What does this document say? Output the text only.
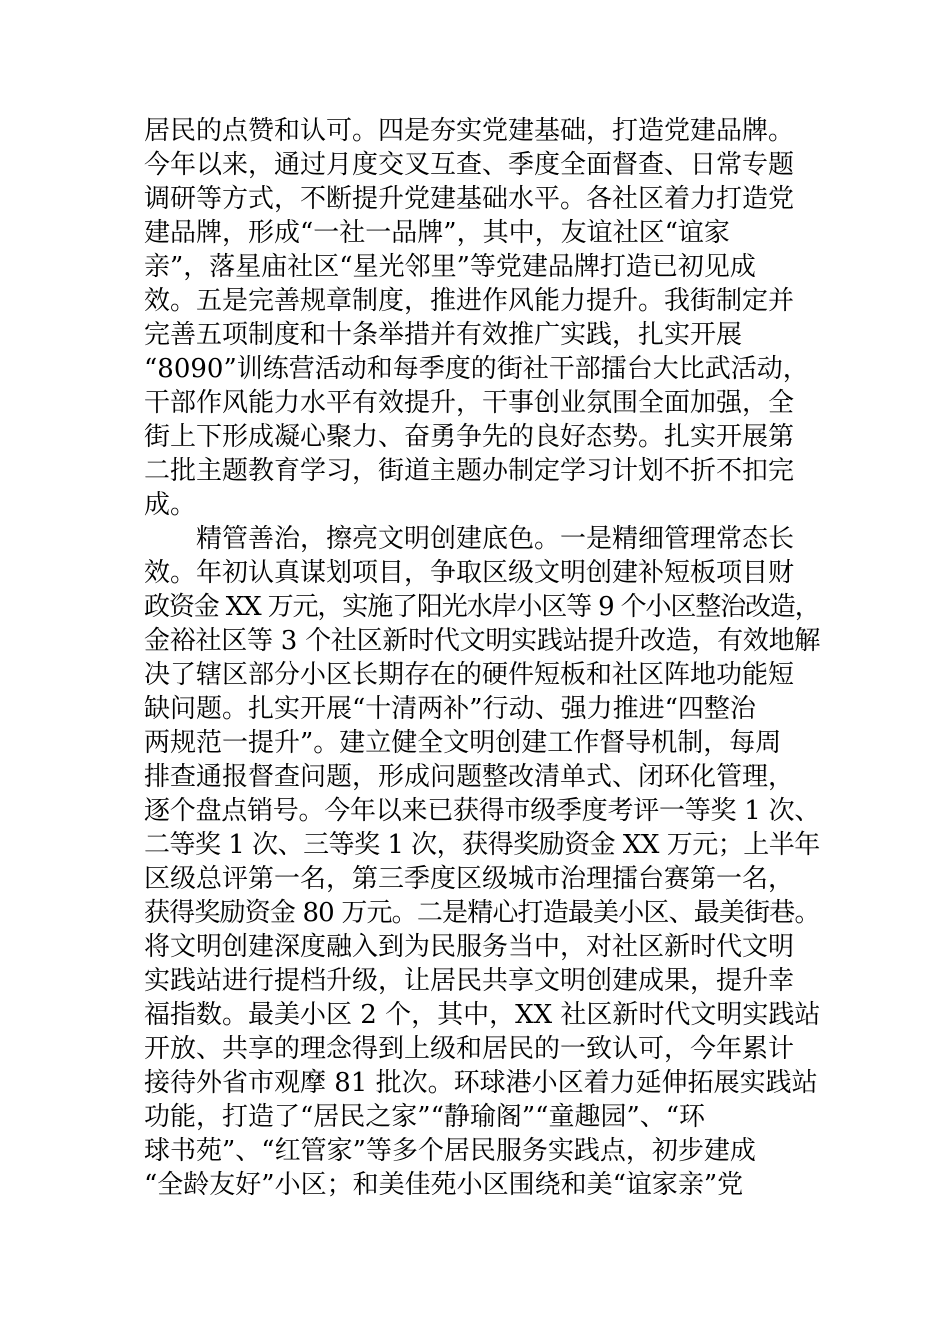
居民的点赞和认可。四是夯实党建基础，打造党建品牌。
今年以来，通过月度交叉互查、季度全面督查、日常专题
调研等方式，不断提升党建基础水平。各社区着力打造党
建品牌，形成“一社一品牌”，其中，友谊社区“谊家
亲”，落星庙社区“星光邻里”等党建品牌打造已初见成
效。五是完善规章制度，推进作风能力提升。我街制定并
完善五项制度和十条举措并有效推广实践，扎实开展
“8090”训练营活动和每季度的街社干部擂台大比武活动，
干部作风能力水平有效提升，干事创业氛围全面加强，全
街上下形成凝心聚力、奋勇争先的良好态势。扎实开展第
二批主题教育学习，街道主题办制定学习计划不折不扣完
成。
　　精管善治，擦亮文明创建底色。一是精细管理常态长
效。年初认真谋划项目，争取区级文明创建补短板项目财
政资金 XX 万元，实施了阳光水岸小区等 9 个小区整治改造，
金裕社区等 3 个社区新时代文明实践站提升改造，有效地解
决了辖区部分小区长期存在的硬件短板和社区阵地功能短
缺问题。扎实开展“十清两补”行动、强力推进“四整治
两规范一提升”。建立健全文明创建工作督导机制，每周
排查通报督查问题，形成问题整改清单式、闭环化管理，
逐个盘点销号。今年以来已获得市级季度考评一等奖 1 次、
二等奖 1 次、三等奖 1 次，获得奖励资金 XX 万元；上半年
区级总评第一名，第三季度区级城市治理擂台赛第一名，
获得奖励资金 80 万元。二是精心打造最美小区、最美街巷。
将文明创建深度融入到为民服务当中，对社区新时代文明
实践站进行提档升级，让居民共享文明创建成果，提升幸
福指数。最美小区 2 个，其中，XX 社区新时代文明实践站
开放、共享的理念得到上级和居民的一致认可，今年累计
接待外省市观摩 81 批次。环球港小区着力延伸拓展实践站
功能，打造了“居民之家”“静瑜阁”“童趣园”、“环
球书苑”、“红管家”等多个居民服务实践点，初步建成
“全龄友好”小区；和美佳苑小区围绕和美“谊家亲”党
